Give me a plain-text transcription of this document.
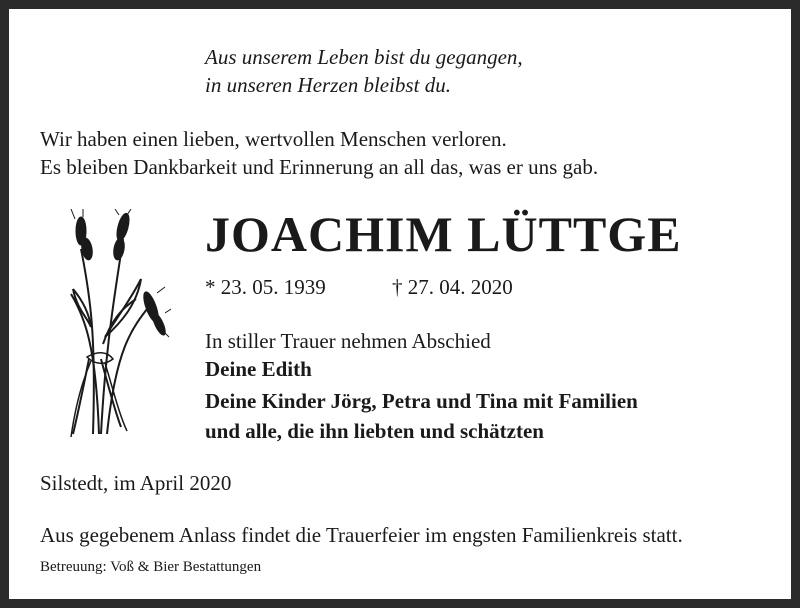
Aus unserem Leben bist du gegangen,
in unseren Herzen bleibst du.
Wir haben einen lieben, wertvollen Menschen verloren.
Es bleiben Dankbarkeit und Erinnerung an all das, was er uns gab.
JOACHIM LÜTTGE
* 23. 05. 1939	† 27. 04. 2020
In stiller Trauer nehmen Abschied
Deine Edith
Deine Kinder Jörg, Petra und Tina mit Familien
und alle, die ihn liebten und schätzten
Silstedt, im April 2020
Aus gegebenem Anlass findet die Trauerfeier im engsten Familienkreis statt.
Betreuung: Voß & Bier Bestattungen
